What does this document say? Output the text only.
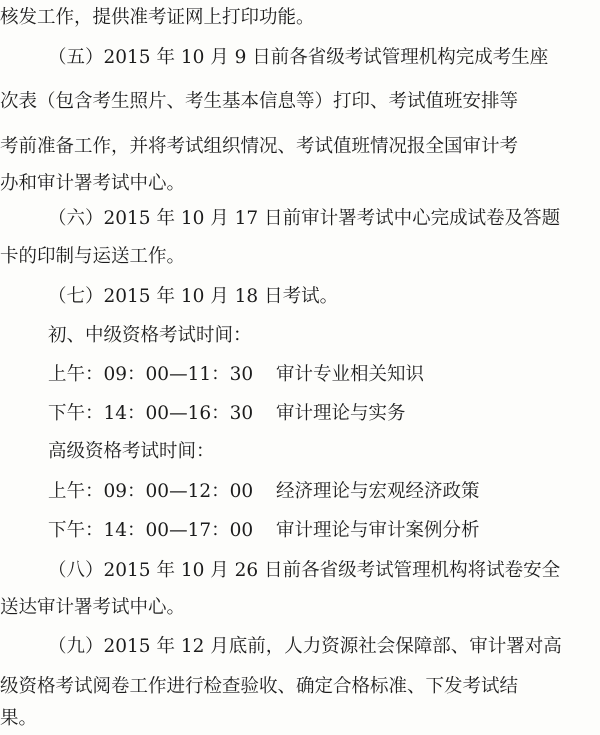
核发工作，提供准考证网上打印功能。
（五）2015 年 10 月 9 日前各省级考试管理机构完成考生座
次表（包含考生照片、考生基本信息等）打印、考试值班安排等
考前准备工作，并将考试组织情况、考试值班情况报全国审计考
办和审计署考试中心。
（六）2015 年 10 月 17 日前审计署考试中心完成试卷及答题
卡的印制与运送工作。
（七）2015 年 10 月 18 日考试。
初、中级资格考试时间：
上午：09：00—11：30 审计专业相关知识
下午：14：00—16：30 审计理论与实务
高级资格考试时间：
上午：09：00—12：00 经济理论与宏观经济政策
下午：14：00—17：00 审计理论与审计案例分析
（八）2015 年 10 月 26 日前各省级考试管理机构将试卷安全
送达审计署考试中心。
（九）2015 年 12 月底前，人力资源社会保障部、审计署对高
级资格考试阅卷工作进行检查验收、确定合格标准、下发考试结
果。
